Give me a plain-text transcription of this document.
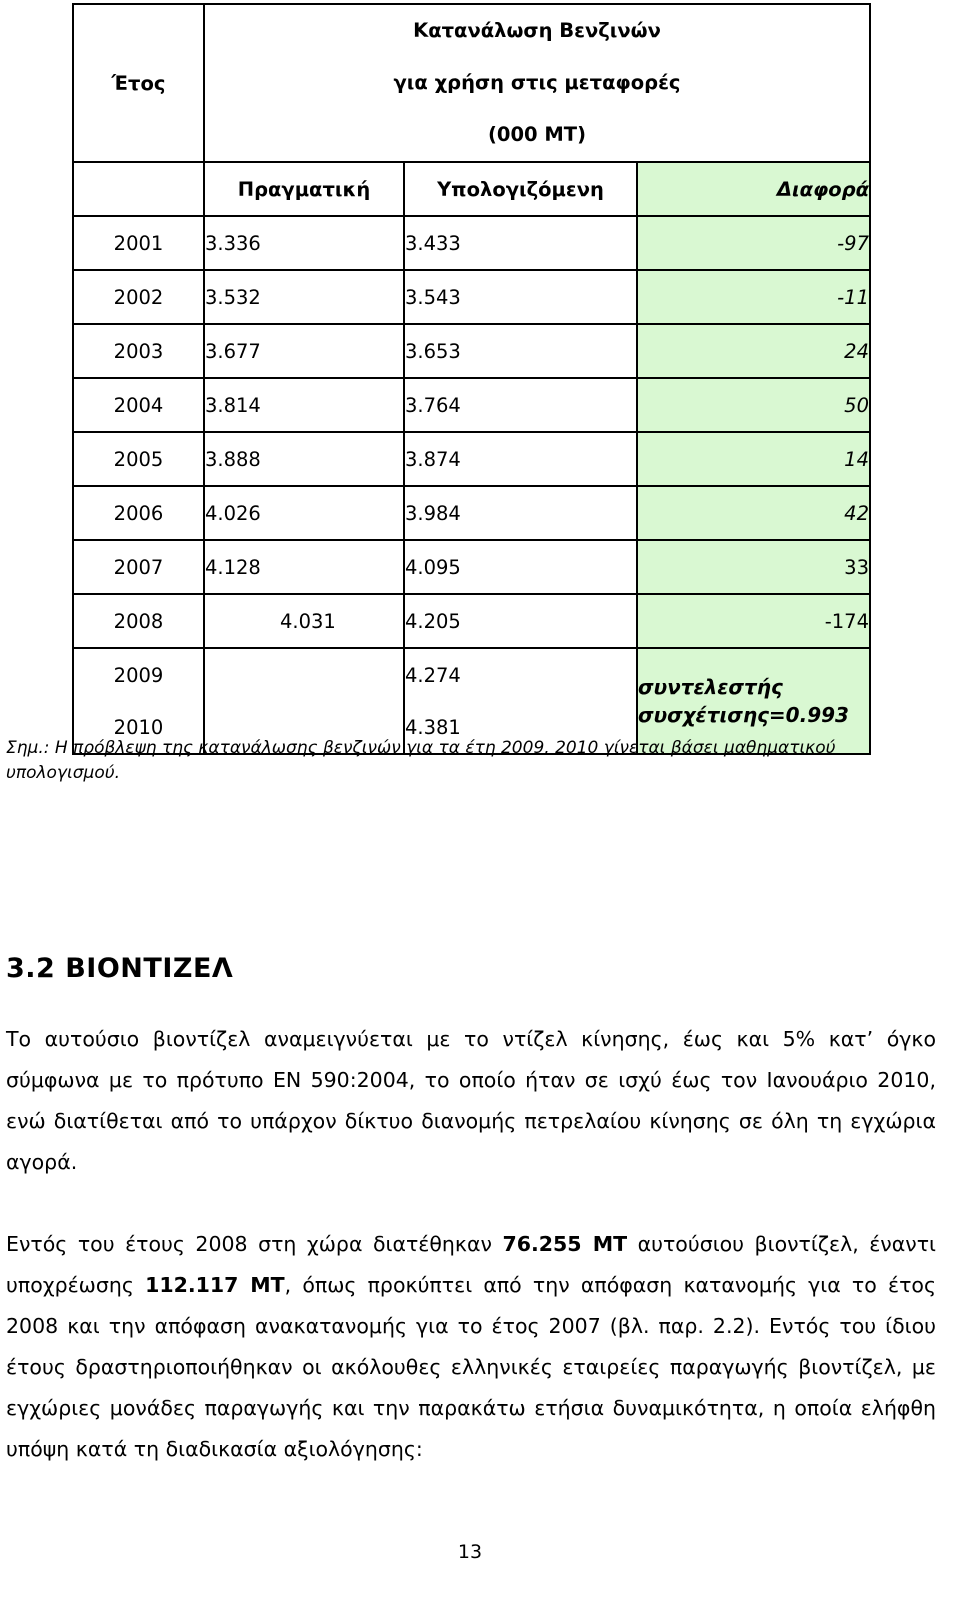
Έτος	Κατανάλωση Βενζινών
για χρήση στις μεταφορές
(000 ΜΤ)		

	Πραγματική	Υπολογιζόμενη	Διαφορά
2001	3.336	3.433	-97
2002	3.532	3.543	-11
2003	3.677	3.653	24
2004	3.814	3.764	50
2005	3.888	3.874	14
2006	4.026	3.984	42
2007	4.128	4.095	33
2008	4.031	4.205	-174
2009		4.274	συντελεστής συσχέτισης=0.993
2010		4.381	
Σημ.: Η πρόβλεψη της κατανάλωσης βενζινών για τα έτη 2009, 2010 γίνεται βάσει μαθηματικού υπολογισμού.
3.2 ΒΙΟΝΤΙΖΕΛ
Το αυτούσιο βιοντίζελ αναμειγνύεται με το ντίζελ κίνησης, έως και 5% κατ’ όγκο σύμφωνα με το πρότυπο ΕΝ 590:2004, το οποίο ήταν σε ισχύ έως τον Ιανουάριο 2010, ενώ διατίθεται από το υπάρχον δίκτυο διανομής πετρελαίου κίνησης σε όλη τη εγχώρια αγορά.
Εντός του έτους 2008 στη χώρα διατέθηκαν 76.255 ΜΤ αυτούσιου βιοντίζελ, έναντι υποχρέωσης 112.117 ΜΤ, όπως προκύπτει από την απόφαση κατανομής για το έτος 2008 και την απόφαση ανακατανομής για το έτος 2007 (βλ. παρ. 2.2). Εντός του ίδιου έτους δραστηριοποιήθηκαν οι ακόλουθες ελληνικές εταιρείες παραγωγής βιοντίζελ, με εγχώριες μονάδες παραγωγής και την παρακάτω ετήσια δυναμικότητα, η οποία ελήφθη υπόψη κατά τη διαδικασία αξιολόγησης:
13
